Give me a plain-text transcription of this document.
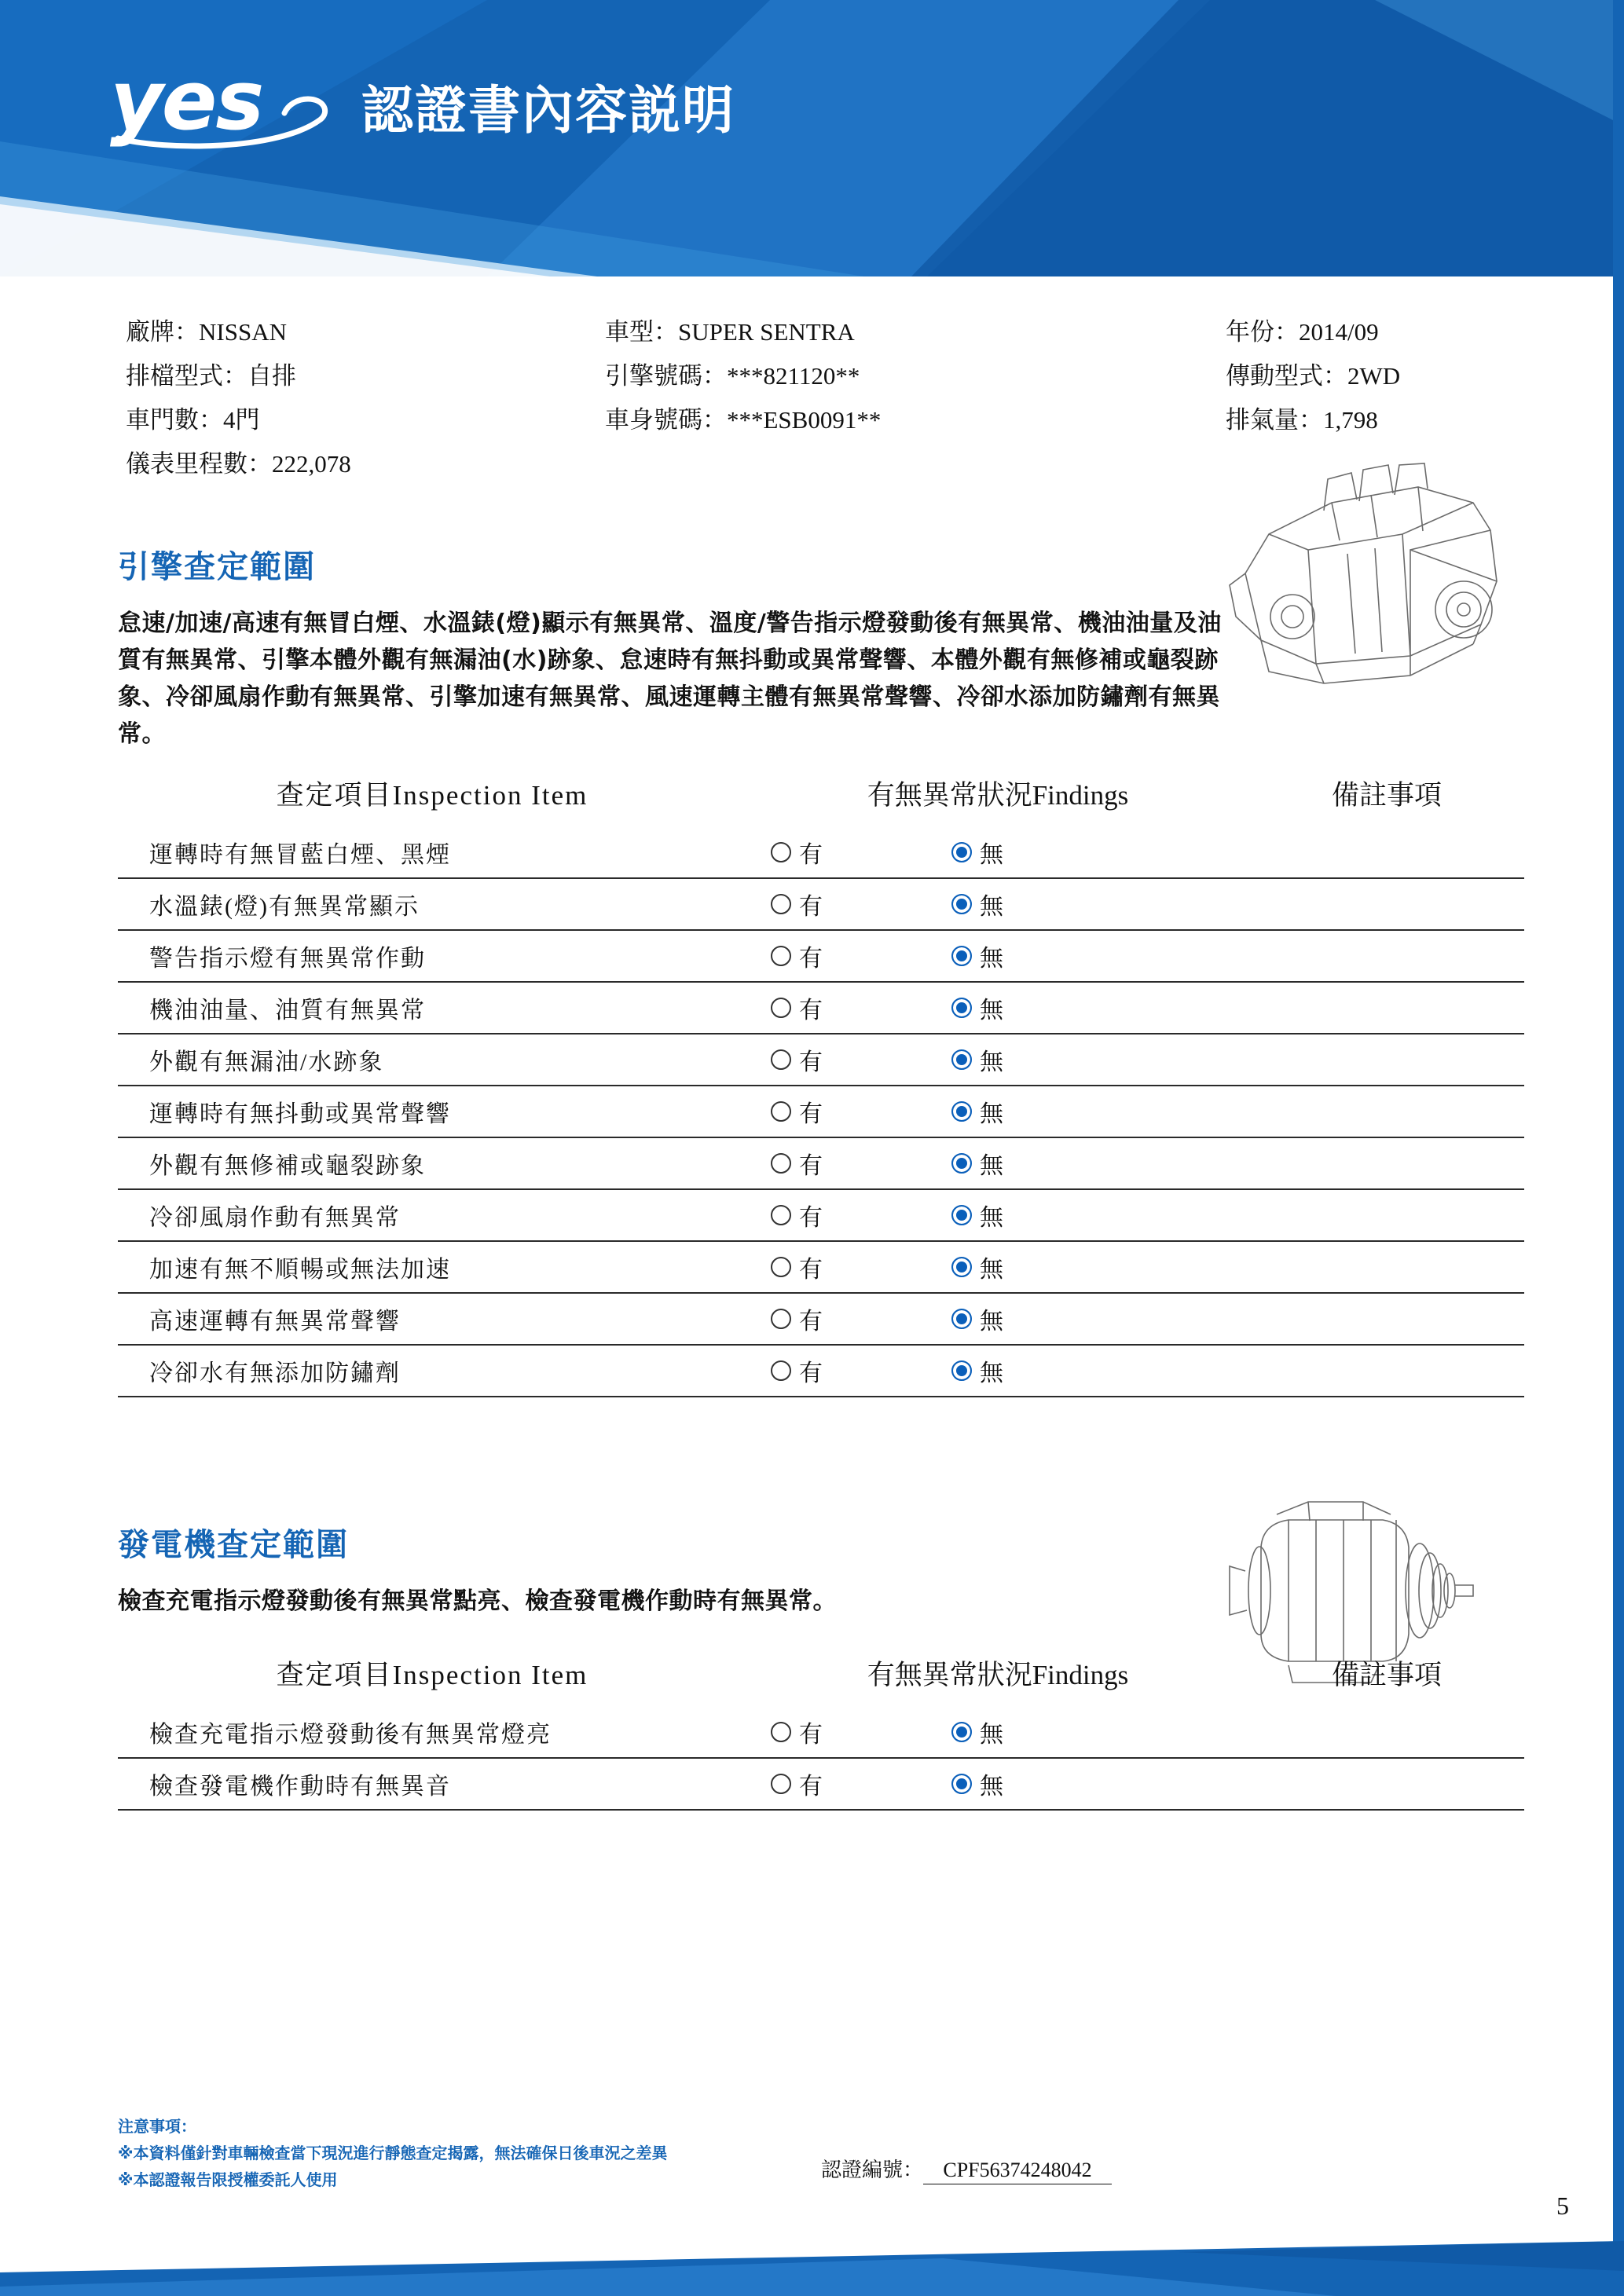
yes 認證書內容説明
廠牌：NISSAN	車型：SUPER SENTRA	年份：2014/09
排檔型式：自排	引擎號碼：***821120**	傳動型式：2WD
車門數：4門	車身號碼：***ESB0091**	排氣量：1,798
儀表里程數：222,078
引擎查定範圍
怠速/加速/高速有無冒白煙、水溫錶(燈)顯示有無異常、溫度/警告指示燈發動後有無異常、機油油量及油質有無異常、引擎本體外觀有無漏油(水)跡象、怠速時有無抖動或異常聲響、本體外觀有無修補或龜裂跡象、冷卻風扇作動有無異常、引擎加速有無異常、風速運轉主體有無異常聲響、冷卻水添加防鏽劑有無異常。
查定項目Inspection Item	有無異常狀況Findings	備註事項
運轉時有無冒藍白煙、黑煙	有 無	

水溫錶(燈)有無異常顯示	有 無	

警告指示燈有無異常作動	有 無	

機油油量、油質有無異常	有 無	

外觀有無漏油/水跡象	有 無	

運轉時有無抖動或異常聲響	有 無	

外觀有無修補或龜裂跡象	有 無	

冷卻風扇作動有無異常	有 無	

加速有無不順暢或無法加速	有 無	

高速運轉有無異常聲響	有 無	

冷卻水有無添加防鏽劑	有 無	

發電機查定範圍
檢查充電指示燈發動後有無異常點亮、檢查發電機作動時有無異常。
查定項目Inspection Item	有無異常狀況Findings	備註事項
檢查充電指示燈發動後有無異常燈亮	有 無	

檢查發電機作動時有無異音	有 無	

注意事項：
※本資料僅針對車輛檢查當下現況進行靜態查定揭露，無法確保日後車況之差異
※本認證報告限授權委託人使用	認證編號： CPF56374248042
5
